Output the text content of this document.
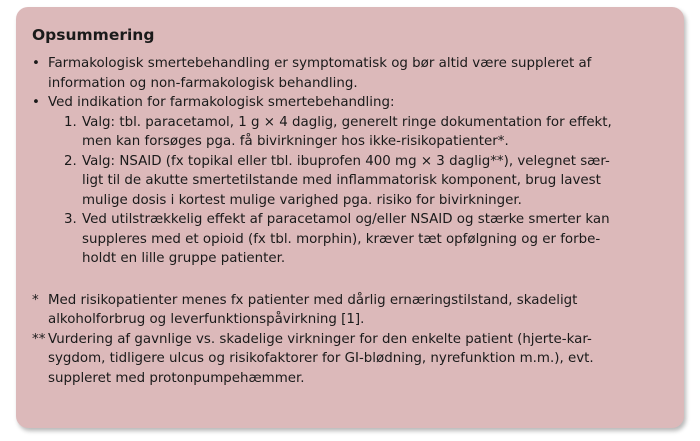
Opsummering
• Farmakologisk smertebehandling er symptomatisk og bør altid være suppleret af
information og non-farmakologisk behandling.
• Ved indikation for farmakologisk smertebehandling:
1. Valg: tbl. paracetamol, 1 g × 4 daglig, generelt ringe dokumentation for effekt,
men kan forsøges pga. få bivirkninger hos ikke-risikopatienter*.
2. Valg: NSAID (fx topikal eller tbl. ibuprofen 400 mg × 3 daglig**), velegnet sær-
ligt til de akutte smertetilstande med inflammatorisk komponent, brug lavest
mulige dosis i kortest mulige varighed pga. risiko for bivirkninger.
3. Ved utilstrækkelig effekt af paracetamol og/eller NSAID og stærke smerter kan
suppleres med et opioid (fx tbl. morphin), kræver tæt opfølgning og er forbe-
holdt en lille gruppe patienter.
* Med risikopatienter menes fx patienter med dårlig ernæringstilstand, skadeligt
alkoholforbrug og leverfunktionspåvirkning [1].
** Vurdering af gavnlige vs. skadelige virkninger for den enkelte patient (hjerte-kar-
sygdom, tidligere ulcus og risikofaktorer for GI-blødning, nyrefunktion m.m.), evt.
suppleret med protonpumpehæmmer.
